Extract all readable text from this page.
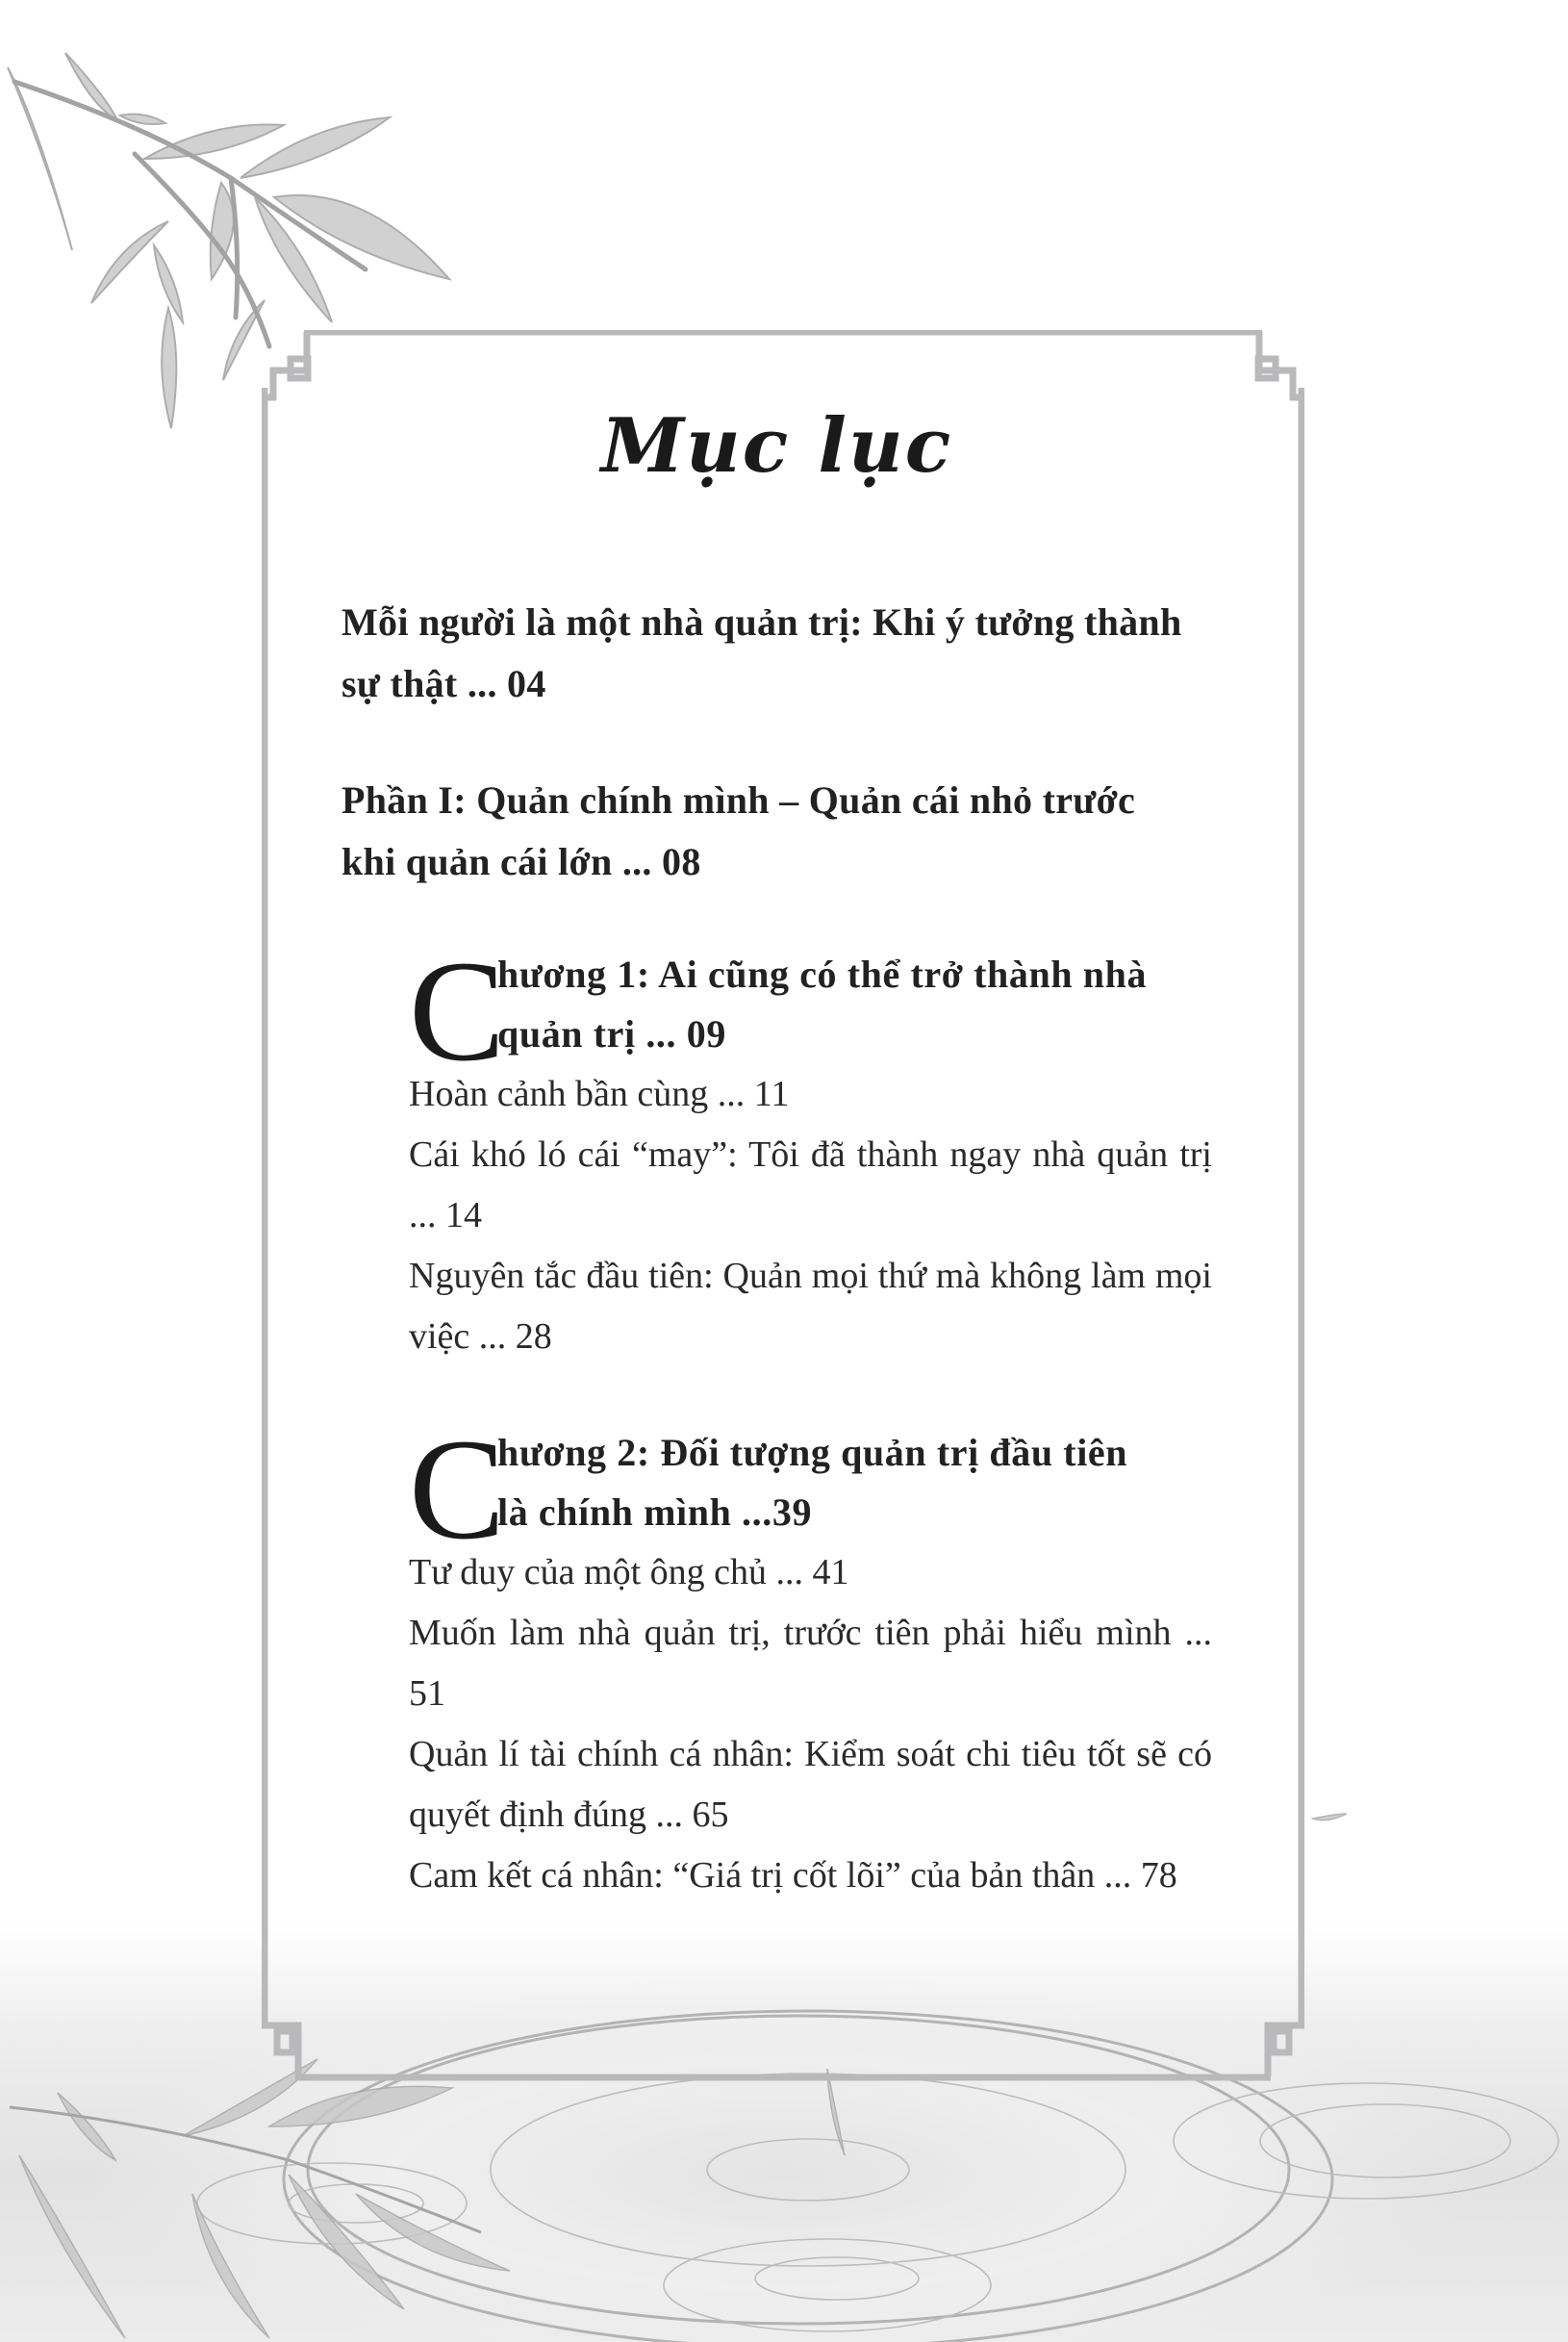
Mục lục
Mỗi người là một nhà quản trị: Khi ý tưởng thành
sự thật ... 04
Phần I: Quản chính mình – Quản cái nhỏ trước
khi quản cái lớn ... 08
C
hương 1: Ai cũng có thể trở thành nhà
quản trị ... 09
Hoàn cảnh bần cùng ... 11
Cái khó ló cái “may”: Tôi đã thành ngay nhà quản trị ... 14
Nguyên tắc đầu tiên: Quản mọi thứ mà không làm mọi việc ... 28
C
hương 2: Đối tượng quản trị đầu tiên
là chính mình ...39
Tư duy của một ông chủ ... 41
Muốn làm nhà quản trị, trước tiên phải hiểu mình ... 51
Quản lí tài chính cá nhân: Kiểm soát chi tiêu tốt sẽ có quyết định đúng ... 65
Cam kết cá nhân: “Giá trị cốt lõi” của bản thân ... 78
